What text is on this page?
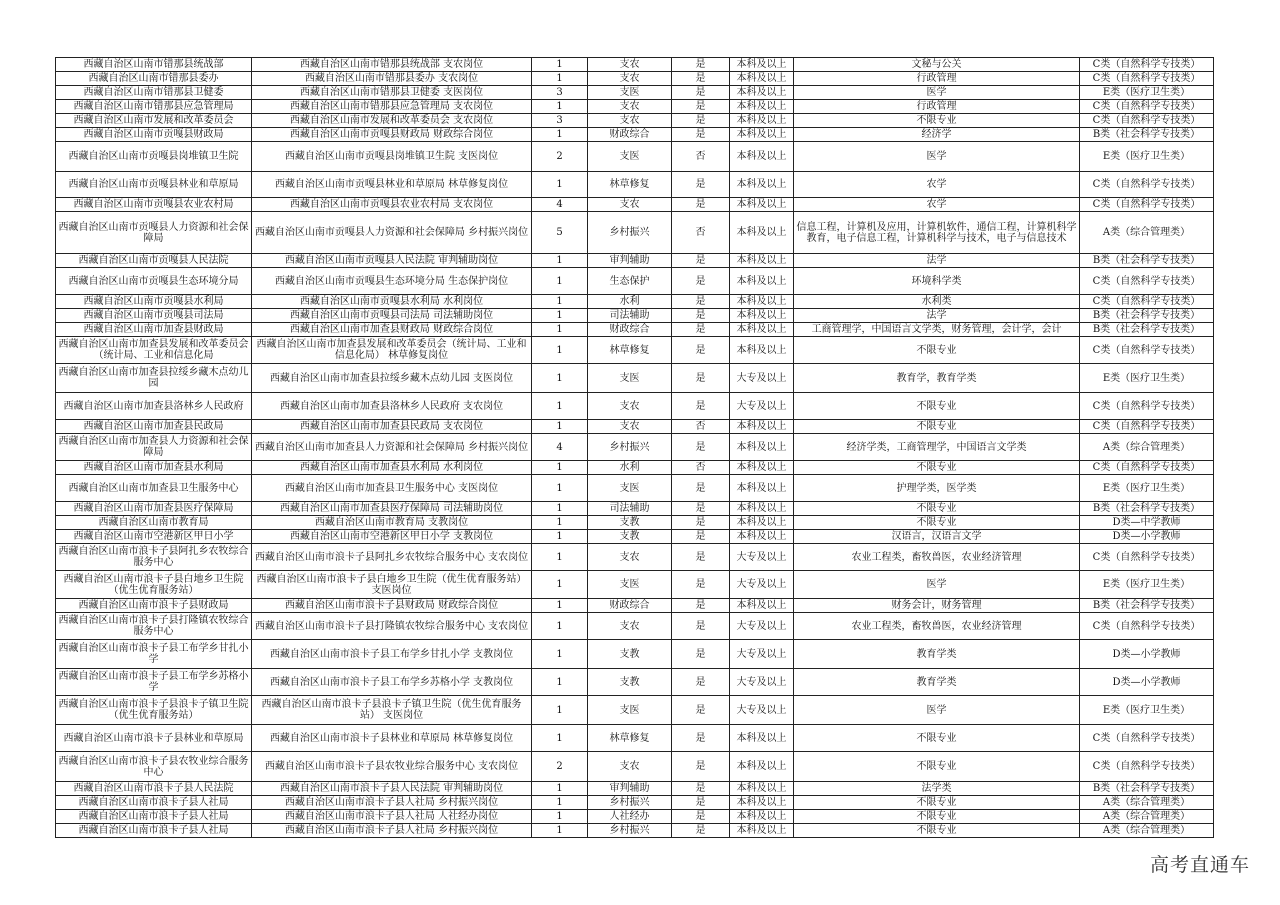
西藏自治区山南市错那县统战部	西藏自治区山南市错那县统战部 支农岗位	1	支农	是	本科及以上	文秘与公关	C类（自然科学专技类）
西藏自治区山南市错那县委办	西藏自治区山南市错那县委办 支农岗位	1	支农	是	本科及以上	行政管理	C类（自然科学专技类）
西藏自治区山南市错那县卫健委	西藏自治区山南市错那县卫健委 支医岗位	3	支医	是	本科及以上	医学	E类（医疗卫生类）
西藏自治区山南市错那县应急管理局	西藏自治区山南市错那县应急管理局 支农岗位	1	支农	是	本科及以上	行政管理	C类（自然科学专技类）
西藏自治区山南市发展和改革委员会	西藏自治区山南市发展和改革委员会 支农岗位	3	支农	是	本科及以上	不限专业	C类（自然科学专技类）
西藏自治区山南市贡嘎县财政局	西藏自治区山南市贡嘎县财政局 财政综合岗位	1	财政综合	是	本科及以上	经济学	B类（社会科学专技类）
西藏自治区山南市贡嘎县岗堆镇卫生院	西藏自治区山南市贡嘎县岗堆镇卫生院 支医岗位	2	支医	否	本科及以上	医学	E类（医疗卫生类）
西藏自治区山南市贡嘎县林业和草原局	西藏自治区山南市贡嘎县林业和草原局 林草修复岗位	1	林草修复	是	本科及以上	农学	C类（自然科学专技类）
西藏自治区山南市贡嘎县农业农村局	西藏自治区山南市贡嘎县农业农村局 支农岗位	4	支农	是	本科及以上	农学	C类（自然科学专技类）
西藏自治区山南市贡嘎县人力资源和社会保障局	西藏自治区山南市贡嘎县人力资源和社会保障局 乡村振兴岗位	5	乡村振兴	否	本科及以上	信息工程，计算机及应用，计算机软件，通信工程，计算机科学教育，电子信息工程，计算机科学与技术，电子与信息技术	A类（综合管理类）
西藏自治区山南市贡嘎县人民法院	西藏自治区山南市贡嘎县人民法院 审判辅助岗位	1	审判辅助	是	本科及以上	法学	B类（社会科学专技类）
西藏自治区山南市贡嘎县生态环境分局	西藏自治区山南市贡嘎县生态环境分局 生态保护岗位	1	生态保护	是	本科及以上	环境科学类	C类（自然科学专技类）
西藏自治区山南市贡嘎县水利局	西藏自治区山南市贡嘎县水利局 水利岗位	1	水利	是	本科及以上	水利类	C类（自然科学专技类）
西藏自治区山南市贡嘎县司法局	西藏自治区山南市贡嘎县司法局 司法辅助岗位	1	司法辅助	是	本科及以上	法学	B类（社会科学专技类）
西藏自治区山南市加查县财政局	西藏自治区山南市加查县财政局 财政综合岗位	1	财政综合	是	本科及以上	工商管理学，中国语言文学类，财务管理，会计学，会计	B类（社会科学专技类）
西藏自治区山南市加查县发展和改革委员会（统计局、工业和信息化局	西藏自治区山南市加查县发展和改革委员会（统计局、工业和信息化局） 林草修复岗位	1	林草修复	是	本科及以上	不限专业	C类（自然科学专技类）
西藏自治区山南市加查县拉绥乡藏木点幼儿园	西藏自治区山南市加查县拉绥乡藏木点幼儿园 支医岗位	1	支医	是	大专及以上	教育学，教育学类	E类（医疗卫生类）
西藏自治区山南市加查县洛林乡人民政府	西藏自治区山南市加查县洛林乡人民政府 支农岗位	1	支农	是	大专及以上	不限专业	C类（自然科学专技类）
西藏自治区山南市加查县民政局	西藏自治区山南市加查县民政局 支农岗位	1	支农	否	本科及以上	不限专业	C类（自然科学专技类）
西藏自治区山南市加查县人力资源和社会保障局	西藏自治区山南市加查县人力资源和社会保障局 乡村振兴岗位	4	乡村振兴	是	本科及以上	经济学类，工商管理学，中国语言文学类	A类（综合管理类）
西藏自治区山南市加查县水利局	西藏自治区山南市加查县水利局 水利岗位	1	水利	否	本科及以上	不限专业	C类（自然科学专技类）
西藏自治区山南市加查县卫生服务中心	西藏自治区山南市加查县卫生服务中心 支医岗位	1	支医	是	本科及以上	护理学类，医学类	E类（医疗卫生类）
西藏自治区山南市加查县医疗保障局	西藏自治区山南市加查县医疗保障局 司法辅助岗位	1	司法辅助	是	本科及以上	不限专业	B类（社会科学专技类）
西藏自治区山南市教育局	西藏自治区山南市教育局 支教岗位	1	支教	是	本科及以上	不限专业	D类—中学教师
西藏自治区山南市空港新区甲日小学	西藏自治区山南市空港新区甲日小学 支教岗位	1	支教	是	本科及以上	汉语言，汉语言文学	D类—小学教师
西藏自治区山南市浪卡子县阿扎乡农牧综合服务中心	西藏自治区山南市浪卡子县阿扎乡农牧综合服务中心 支农岗位	1	支农	是	大专及以上	农业工程类，畜牧兽医，农业经济管理	C类（自然科学专技类）
西藏自治区山南市浪卡子县白地乡卫生院（优生优育服务站）	西藏自治区山南市浪卡子县白地乡卫生院（优生优育服务站） 支医岗位	1	支医	是	大专及以上	医学	E类（医疗卫生类）
西藏自治区山南市浪卡子县财政局	西藏自治区山南市浪卡子县财政局 财政综合岗位	1	财政综合	是	本科及以上	财务会计，财务管理	B类（社会科学专技类）
西藏自治区山南市浪卡子县打隆镇农牧综合服务中心	西藏自治区山南市浪卡子县打隆镇农牧综合服务中心 支农岗位	1	支农	是	大专及以上	农业工程类，畜牧兽医，农业经济管理	C类（自然科学专技类）
西藏自治区山南市浪卡子县工布学乡甘扎小学	西藏自治区山南市浪卡子县工布学乡甘扎小学 支教岗位	1	支教	是	大专及以上	教育学类	D类—小学教师
西藏自治区山南市浪卡子县工布学乡苏格小学	西藏自治区山南市浪卡子县工布学乡苏格小学 支教岗位	1	支教	是	大专及以上	教育学类	D类—小学教师
西藏自治区山南市浪卡子县浪卡子镇卫生院（优生优育服务站）	西藏自治区山南市浪卡子县浪卡子镇卫生院（优生优育服务站） 支医岗位	1	支医	是	大专及以上	医学	E类（医疗卫生类）
西藏自治区山南市浪卡子县林业和草原局	西藏自治区山南市浪卡子县林业和草原局 林草修复岗位	1	林草修复	是	本科及以上	不限专业	C类（自然科学专技类）
西藏自治区山南市浪卡子县农牧业综合服务中心	西藏自治区山南市浪卡子县农牧业综合服务中心 支农岗位	2	支农	是	本科及以上	不限专业	C类（自然科学专技类）
西藏自治区山南市浪卡子县人民法院	西藏自治区山南市浪卡子县人民法院 审判辅助岗位	1	审判辅助	是	本科及以上	法学类	B类（社会科学专技类）
西藏自治区山南市浪卡子县人社局	西藏自治区山南市浪卡子县人社局 乡村振兴岗位	1	乡村振兴	是	本科及以上	不限专业	A类（综合管理类）
西藏自治区山南市浪卡子县人社局	西藏自治区山南市浪卡子县人社局 人社经办岗位	1	人社经办	是	本科及以上	不限专业	A类（综合管理类）
西藏自治区山南市浪卡子县人社局	西藏自治区山南市浪卡子县人社局 乡村振兴岗位	1	乡村振兴	是	本科及以上	不限专业	A类（综合管理类）
高考直通车
